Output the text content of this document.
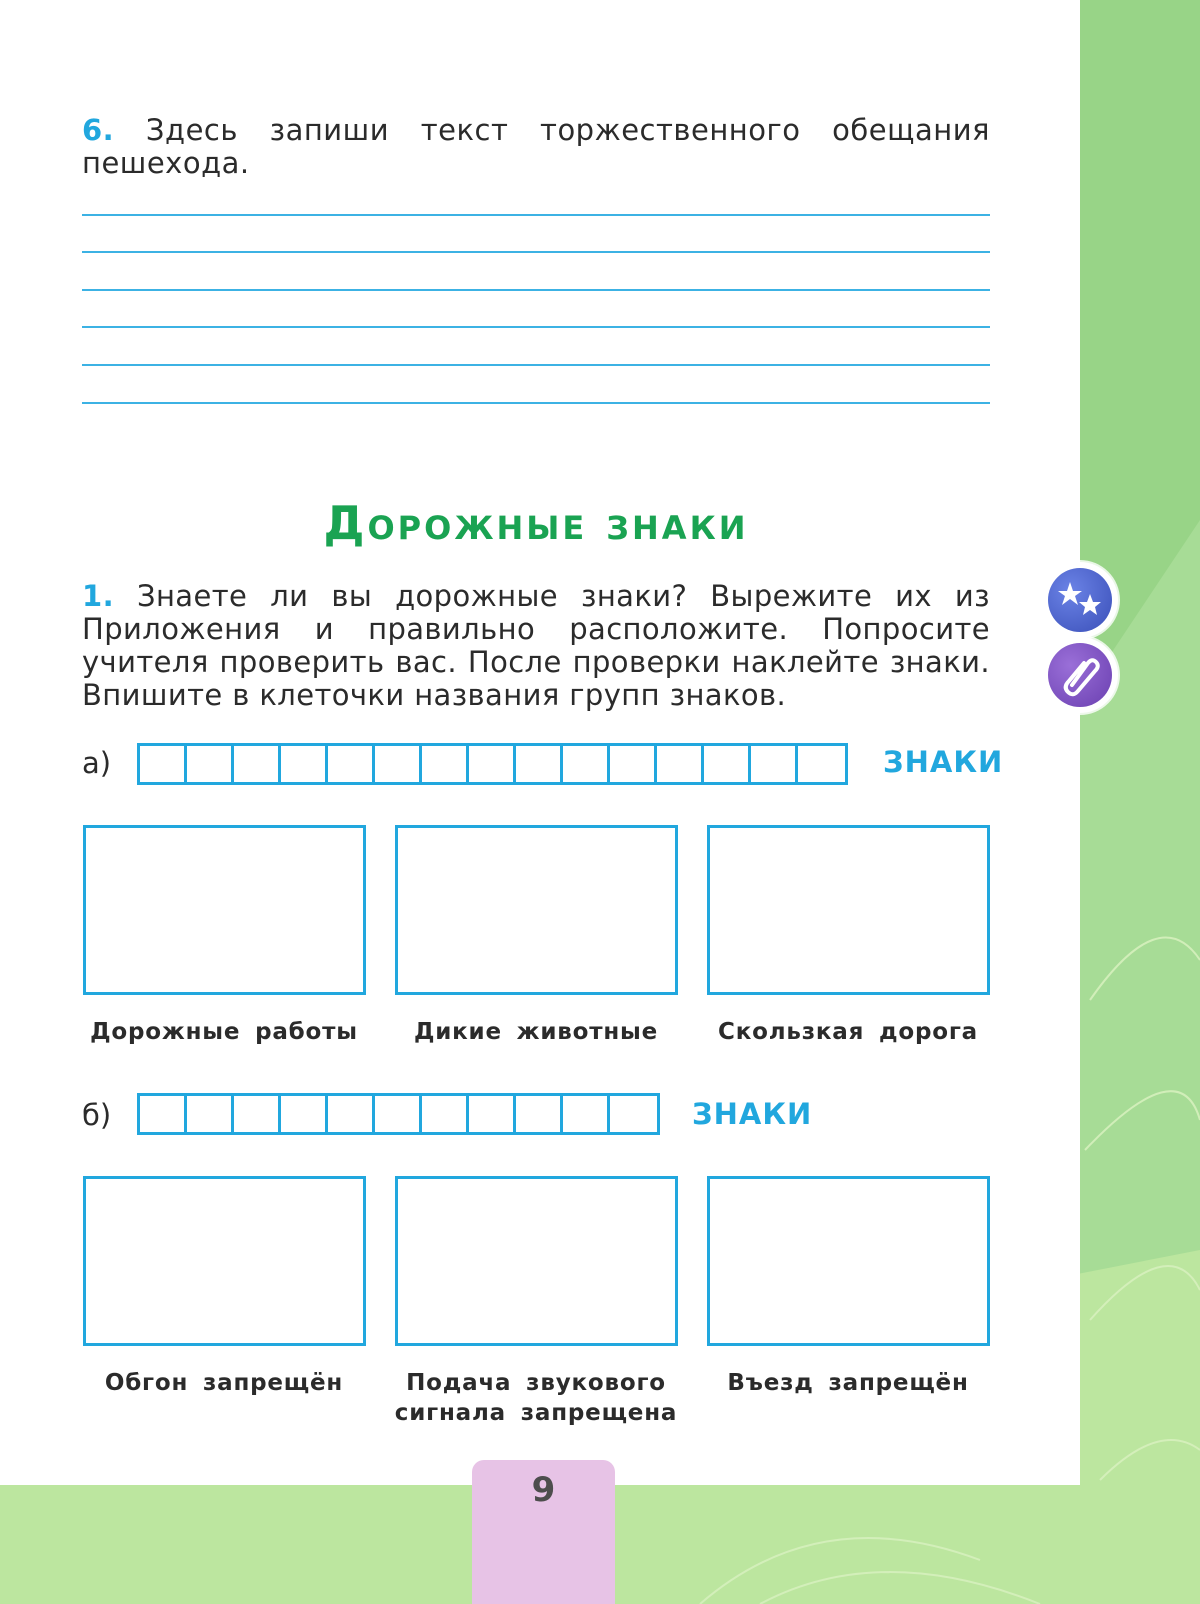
6. Здесь запиши текст торжественного обещания пешехода.
Дорожные знаки
1. Знаете ли вы дорожные знаки? Вырежите их из Приложения и правильно расположите. Попросите учителя проверить вас. После проверки наклейте знаки. Впишите в клеточки названия групп знаков.
а)	ЗНАКИ
Дорожные работы	Дикие животные	Скользкая дорога
б)	ЗНАКИ
Обгон запрещён	Подача звукового сигнала запрещена
Въезд запрещён
9
